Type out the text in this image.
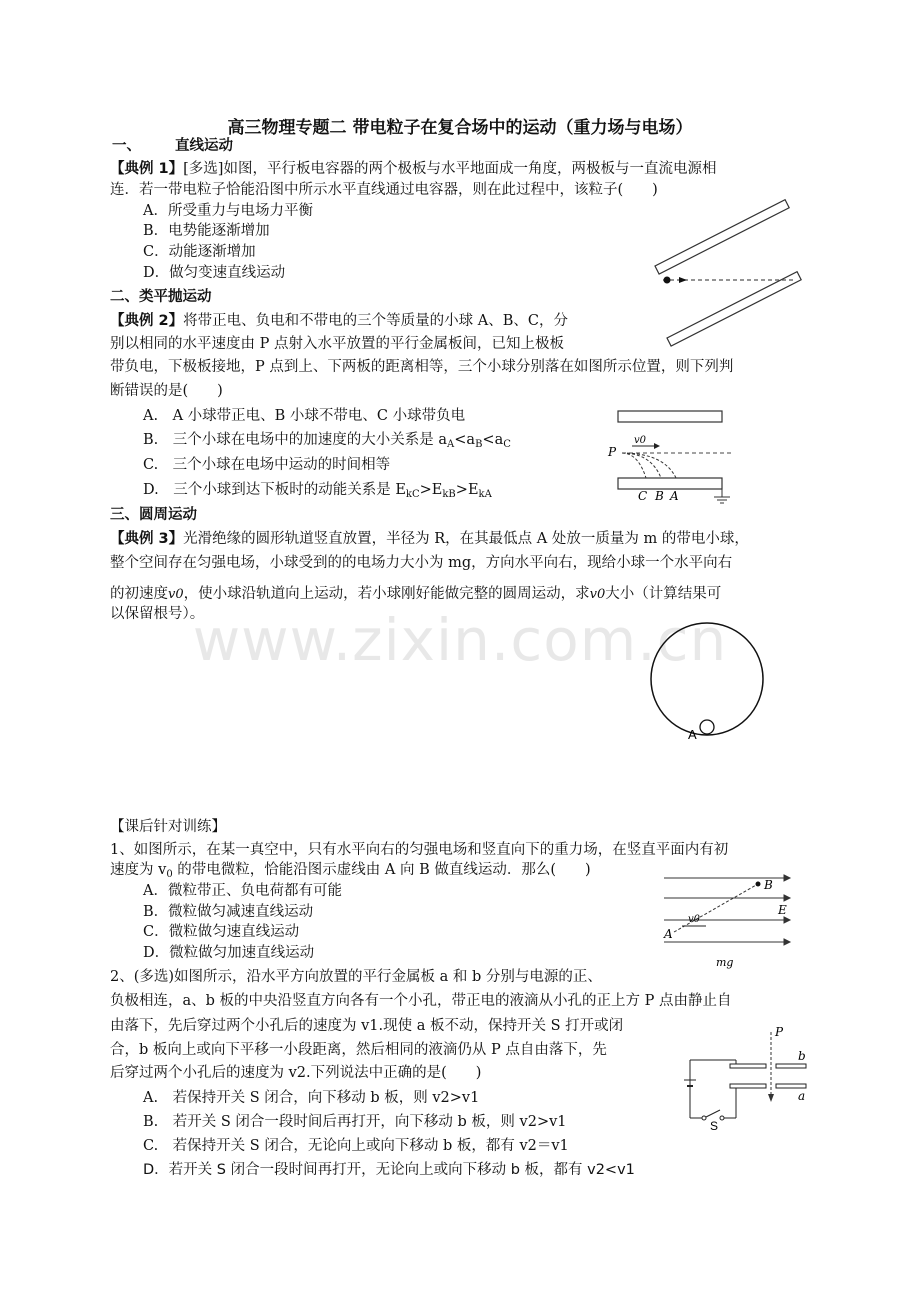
高三物理专题二 带电粒子在复合场中的运动（重力场与电场）
一、 直线运动
【典例 1】[多选]如图，平行板电容器的两个极板与水平地面成一角度，两极板与一直流电源相
连．若一带电粒子恰能沿图中所示水平直线通过电容器，则在此过程中，该粒子(　　)
A．所受重力与电场力平衡
B．电势能逐渐增加
C．动能逐渐增加
D．做匀变速直线运动
二、类平抛运动
【典例 2】将带正电、负电和不带电的三个等质量的小球 A、B、C，分
别以相同的水平速度由 P 点射入水平放置的平行金属板间，已知上极板
带负电，下极板接地，P 点到上、下两板的距离相等，三个小球分别落在如图所示位置，则下列判
断错误的是(　　)
A.　A 小球带正电、B 小球不带电、C 小球带负电
B.　三个小球在电场中的加速度的大小关系是 $a_A<a_B<a_C$
C.　三个小球在电场中运动的时间相等
D.　三个小球到达下板时的动能关系是 $E_{kC}>E_{kB}>E_{kA}$
P
v0
C B A
三、圆周运动
【典例 3】光滑绝缘的圆形轨道竖直放置，半径为 R，在其最低点 A 处放一质量为 m 的带电小球，
整个空间存在匀强电场，小球受到的的电场力大小为 mg，方向水平向右，现给小球一个水平向右
的初速度v0，使小球沿轨道向上运动，若小球刚好能做完整的圆周运动，求v0大小（计算结果可
以保留根号）。
www.zixin.com.cn
A
【课后针对训练】
1、如图所示，在某一真空中，只有水平向右的匀强电场和竖直向下的重力场，在竖直平面内有初
速度为 $v_0$ 的带电微粒，恰能沿图示虚线由 A 向 B 做直线运动．那么(　　)
A．微粒带正、负电荷都有可能
B．微粒做匀减速直线运动
C．微粒做匀速直线运动
D．微粒做匀加速直线运动
B
E
A
v0
mg
2、(多选)如图所示，沿水平方向放置的平行金属板 a 和 b 分别与电源的正、
负极相连，a、b 板的中央沿竖直方向各有一个小孔，带正电的液滴从小孔的正上方 P 点由静止自
由落下，先后穿过两个小孔后的速度为 v1.现使 a 板不动，保持开关 S 打开或闭
合，b 板向上或向下平移一小段距离，然后相同的液滴仍从 P 点自由落下，先
后穿过两个小孔后的速度为 v2.下列说法中正确的是(　　)
A.　若保持开关 S 闭合，向下移动 b 板，则 v2>v1
B.　若开关 S 闭合一段时间后再打开，向下移动 b 板，则 v2>v1
C.　若保持开关 S 闭合，无论向上或向下移动 b 板，都有 v2＝v1
D．若开关 S 闭合一段时间再打开，无论向上或向下移动 b 板，都有 v2<v1
P
b
a
S
